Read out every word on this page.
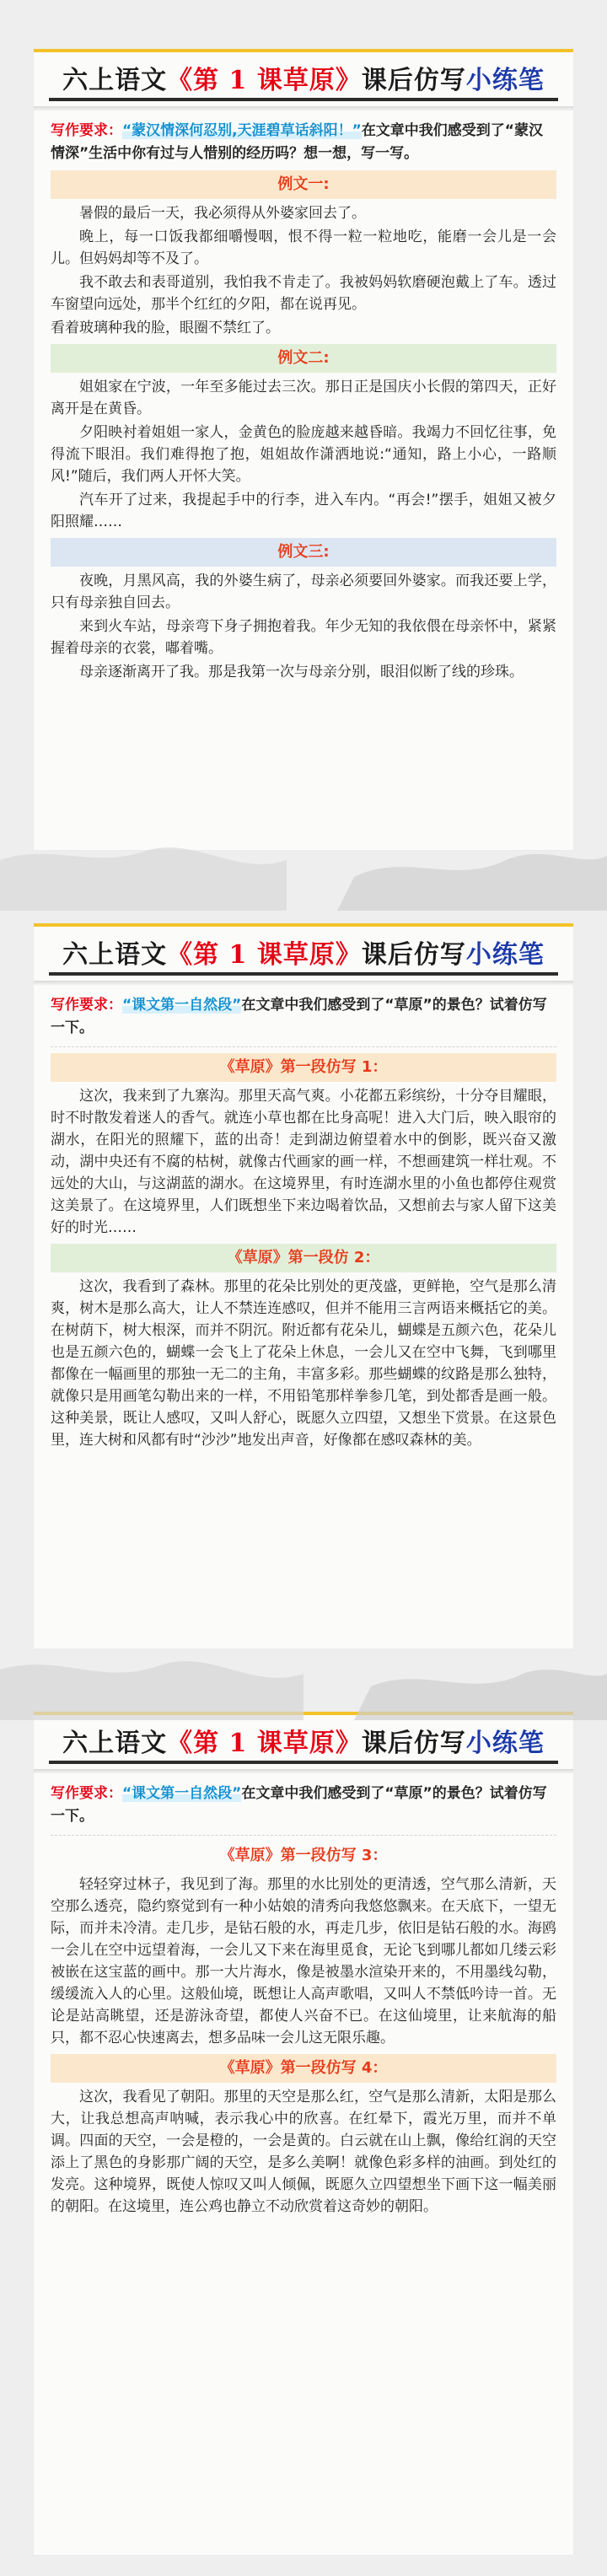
六上语文《第 1 课草原》课后仿写小练笔
写作要求：“蒙汉情深何忍别,天涯碧草话斜阳！”在文章中我们感受到了“蒙汉情深”生活中你有过与人惜别的经历吗？想一想，写一写。
例文一:

暑假的最后一天，我必须得从外婆家回去了。

晚上，每一口饭我都细嚼慢咽，恨不得一粒一粒地吃，能磨一会儿是一会儿。但妈妈却等不及了。

我不敢去和表哥道别，我怕我不肯走了。我被妈妈软磨硬泡戴上了车。透过车窗望向远处，那半个红红的夕阳，都在说再见。

看着玻璃种我的脸，眼圈不禁红了。

例文二:

姐姐家在宁波，一年至多能过去三次。那日正是国庆小长假的第四天，正好离开是在黄昏。

夕阳映衬着姐姐一家人，金黄色的脸庞越来越昏暗。我竭力不回忆往事，免得流下眼泪。我们难得抱了抱，姐姐故作潇洒地说:“通知，路上小心，一路顺风!”随后，我们两人开怀大笑。

汽车开了过来，我提起手中的行李，进入车内。“再会!”摆手，姐姐又被夕阳照耀……

例文三:

夜晚，月黑风高，我的外婆生病了，母亲必须要回外婆家。而我还要上学，只有母亲独自回去。

来到火车站，母亲弯下身子拥抱着我。年少无知的我依偎在母亲怀中，紧紧握着母亲的衣裳，嘟着嘴。

母亲逐渐离开了我。那是我第一次与母亲分别，眼泪似断了线的珍珠。

六上语文《第 1 课草原》课后仿写小练笔
写作要求：“课文第一自然段”在文章中我们感受到了“草原”的景色？试着仿写一下。
《草原》第一段仿写 1：

这次，我来到了九寨沟。那里天高气爽。小花都五彩缤纷，十分夺目耀眼，时不时散发着迷人的香气。就连小草也都在比身高呢！进入大门后，映入眼帘的湖水，在阳光的照耀下，蓝的出奇！走到湖边俯望着水中的倒影，既兴奋又激动，湖中央还有不腐的枯树，就像古代画家的画一样，不想画建筑一样壮观。不远处的大山，与这湖蓝的湖水。在这境界里，有时连湖水里的小鱼也都停住观赏这美景了。在这境界里，人们既想坐下来边喝着饮品，又想前去与家人留下这美好的时光……

《草原》第一段仿 2：

这次，我看到了森林。那里的花朵比别处的更茂盛，更鲜艳，空气是那么清爽，树木是那么高大，让人不禁连连感叹，但并不能用三言两语来概括它的美。在树荫下，树大根深，而并不阴沉。附近都有花朵儿，蝴蝶是五颜六色，花朵儿也是五颜六色的，蝴蝶一会飞上了花朵上休息，一会儿又在空中飞舞，飞到哪里都像在一幅画里的那独一无二的主角，丰富多彩。那些蝴蝶的纹路是那么独特，就像只是用画笔勾勒出来的一样，不用铅笔那样拳参几笔，到处都香是画一般。这种美景，既让人感叹，又叫人舒心，既愿久立四望，又想坐下赏景。在这景色里，连大树和风都有时“沙沙”地发出声音，好像都在感叹森林的美。

六上语文《第 1 课草原》课后仿写小练笔
写作要求：“课文第一自然段”在文章中我们感受到了“草原”的景色？试着仿写一下。
《草原》第一段仿写 3：

轻轻穿过林子，我见到了海。那里的水比别处的更清透，空气那么清新，天空那么透亮，隐约察觉到有一种小姑娘的清秀向我悠悠飘来。在天底下，一望无际，而并未冷清。走几步，是钻石般的水，再走几步，依旧是钻石般的水。海鸥一会儿在空中远望着海，一会儿又下来在海里觅食，无论飞到哪儿都如几缕云彩被嵌在这宝蓝的画中。那一大片海水，像是被墨水渲染开来的，不用墨线勾勒，缓缓流入人的心里。这般仙境，既想让人高声歌唱，又叫人不禁低吟诗一首。无论是站高眺望，还是游泳奇望，都使人兴奋不已。在这仙境里，让来航海的船只，都不忍心快速离去，想多品味一会儿这无限乐趣。

《草原》第一段仿写 4：

这次，我看见了朝阳。那里的天空是那么红，空气是那么清新，太阳是那么大，让我总想高声呐喊，表示我心中的欣喜。在红晕下，霞光万里，而并不单调。四面的天空，一会是橙的，一会是黄的。白云就在山上飘，像给红润的天空添上了黑色的身影那广阔的天空，是多么美啊！就像色彩多样的油画。到处红的发亮。这种境界，既使人惊叹又叫人倾佩，既愿久立四望想坐下画下这一幅美丽的朝阳。在这境里，连公鸡也静立不动欣赏着这奇妙的朝阳。
